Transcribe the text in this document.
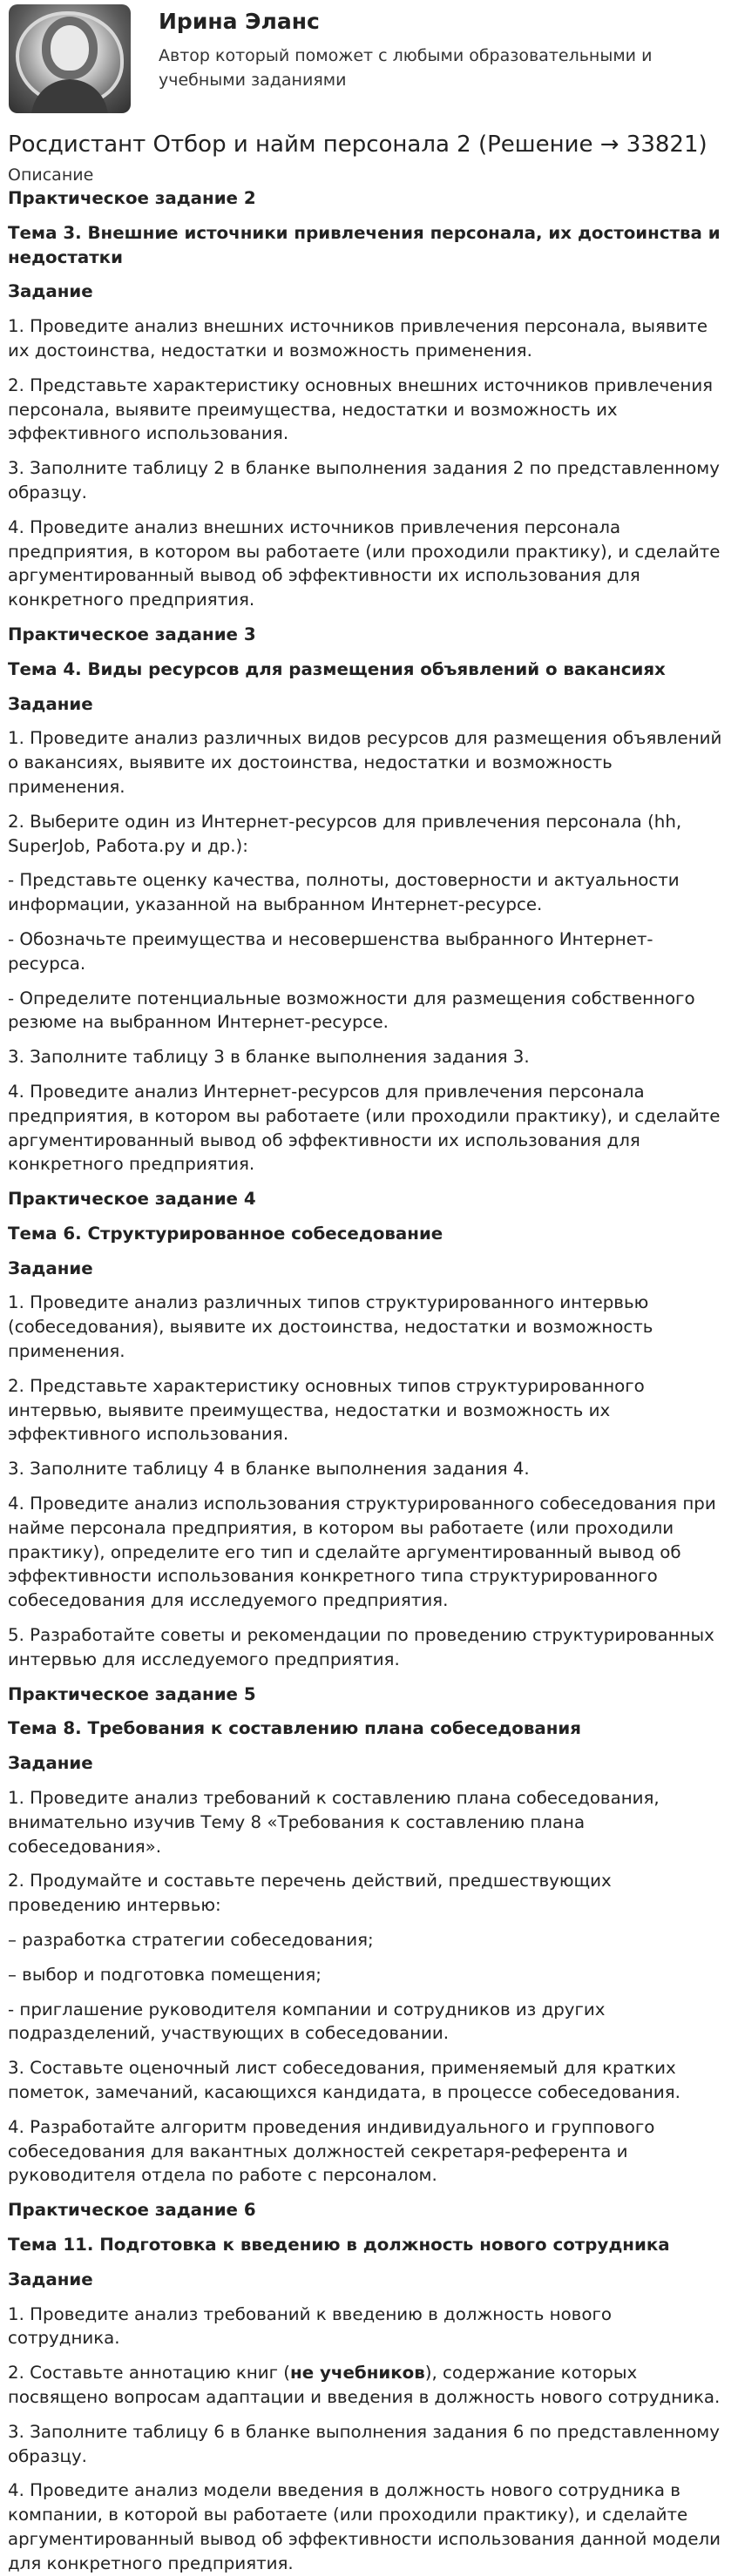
Ирина Эланс
Автор который поможет с любыми образовательными и учебными заданиями
Росдистант Отбор и найм персонала 2 (Решение → 33821)
Описание

Практическое задание 2

Тема 3. Внешние источники привлечения персонала, их достоинства и недостатки

Задание

1. Проведите анализ внешних источников привлечения персонала, выявите их достоинства, недостатки и возможность применения.

2. Представьте характеристику основных внешних источников привлечения персонала, выявите преимущества, недостатки и возможность их эффективного использования.

3. Заполните таблицу 2 в бланке выполнения задания 2 по представленному образцу.

4. Проведите анализ внешних источников привлечения персонала предприятия, в котором вы работаете (или проходили практику), и сделайте аргументированный вывод об эффективности их использования для конкретного предприятия.

Практическое задание 3

Тема 4. Виды ресурсов для размещения объявлений о вакансиях

Задание

1. Проведите анализ различных видов ресурсов для размещения объявлений о вакансиях, выявите их достоинства, недостатки и возможность применения.

2. Выберите один из Интернет-ресурсов для привлечения персонала (hh, SuperJob, Работа.ру и др.):

- Представьте оценку качества, полноты, достоверности и актуальности информации, указанной на выбранном Интернет-ресурсе.

- Обозначьте преимущества и несовершенства выбранного Интернет-ресурса.

- Определите потенциальные возможности для размещения собственного резюме на выбранном Интернет-ресурсе.

3. Заполните таблицу 3 в бланке выполнения задания 3.

4. Проведите анализ Интернет-ресурсов для привлечения персонала предприятия, в котором вы работаете (или проходили практику), и сделайте аргументированный вывод об эффективности их использования для конкретного предприятия.

Практическое задание 4

Тема 6. Структурированное собеседование

Задание

1. Проведите анализ различных типов структурированного интервью (собеседования), выявите их достоинства, недостатки и возможность применения.

2. Представьте характеристику основных типов структурированного интервью, выявите преимущества, недостатки и возможность их эффективного использования.

3. Заполните таблицу 4 в бланке выполнения задания 4.

4. Проведите анализ использования структурированного собеседования при найме персонала предприятия, в котором вы работаете (или проходили практику), определите его тип и сделайте аргументированный вывод об эффективности использования конкретного типа структурированного собеседования для исследуемого предприятия.

5. Разработайте советы и рекомендации по проведению структурированных интервью для исследуемого предприятия.

Практическое задание 5

Тема 8. Требования к составлению плана собеседования

Задание

1. Проведите анализ требований к составлению плана собеседования, внимательно изучив Тему 8 «Требования к составлению плана собеседования».

2. Продумайте и составьте перечень действий, предшествующих проведению интервью:

– разработка стратегии собеседования;

– выбор и подготовка помещения;

- приглашение руководителя компании и сотрудников из других подразделений, участвующих в собеседовании.

3. Составьте оценочный лист собеседования, применяемый для кратких пометок, замечаний, касающихся кандидата, в процессе собеседования.

4. Разработайте алгоритм проведения индивидуального и группового собеседования для вакантных должностей секретаря-референта и руководителя отдела по работе с персоналом.

Практическое задание 6

Тема 11. Подготовка к введению в должность нового сотрудника

Задание

1. Проведите анализ требований к введению в должность нового сотрудника.

2. Составьте аннотацию книг (не учебников), содержание которых посвящено вопросам адаптации и введения в должность нового сотрудника.

3. Заполните таблицу 6 в бланке выполнения задания 6 по представленному образцу.

4. Проведите анализ модели введения в должность нового сотрудника в компании, в которой вы работаете (или проходили практику), и сделайте аргументированный вывод об эффективности использования данной модели для конкретного предприятия.
